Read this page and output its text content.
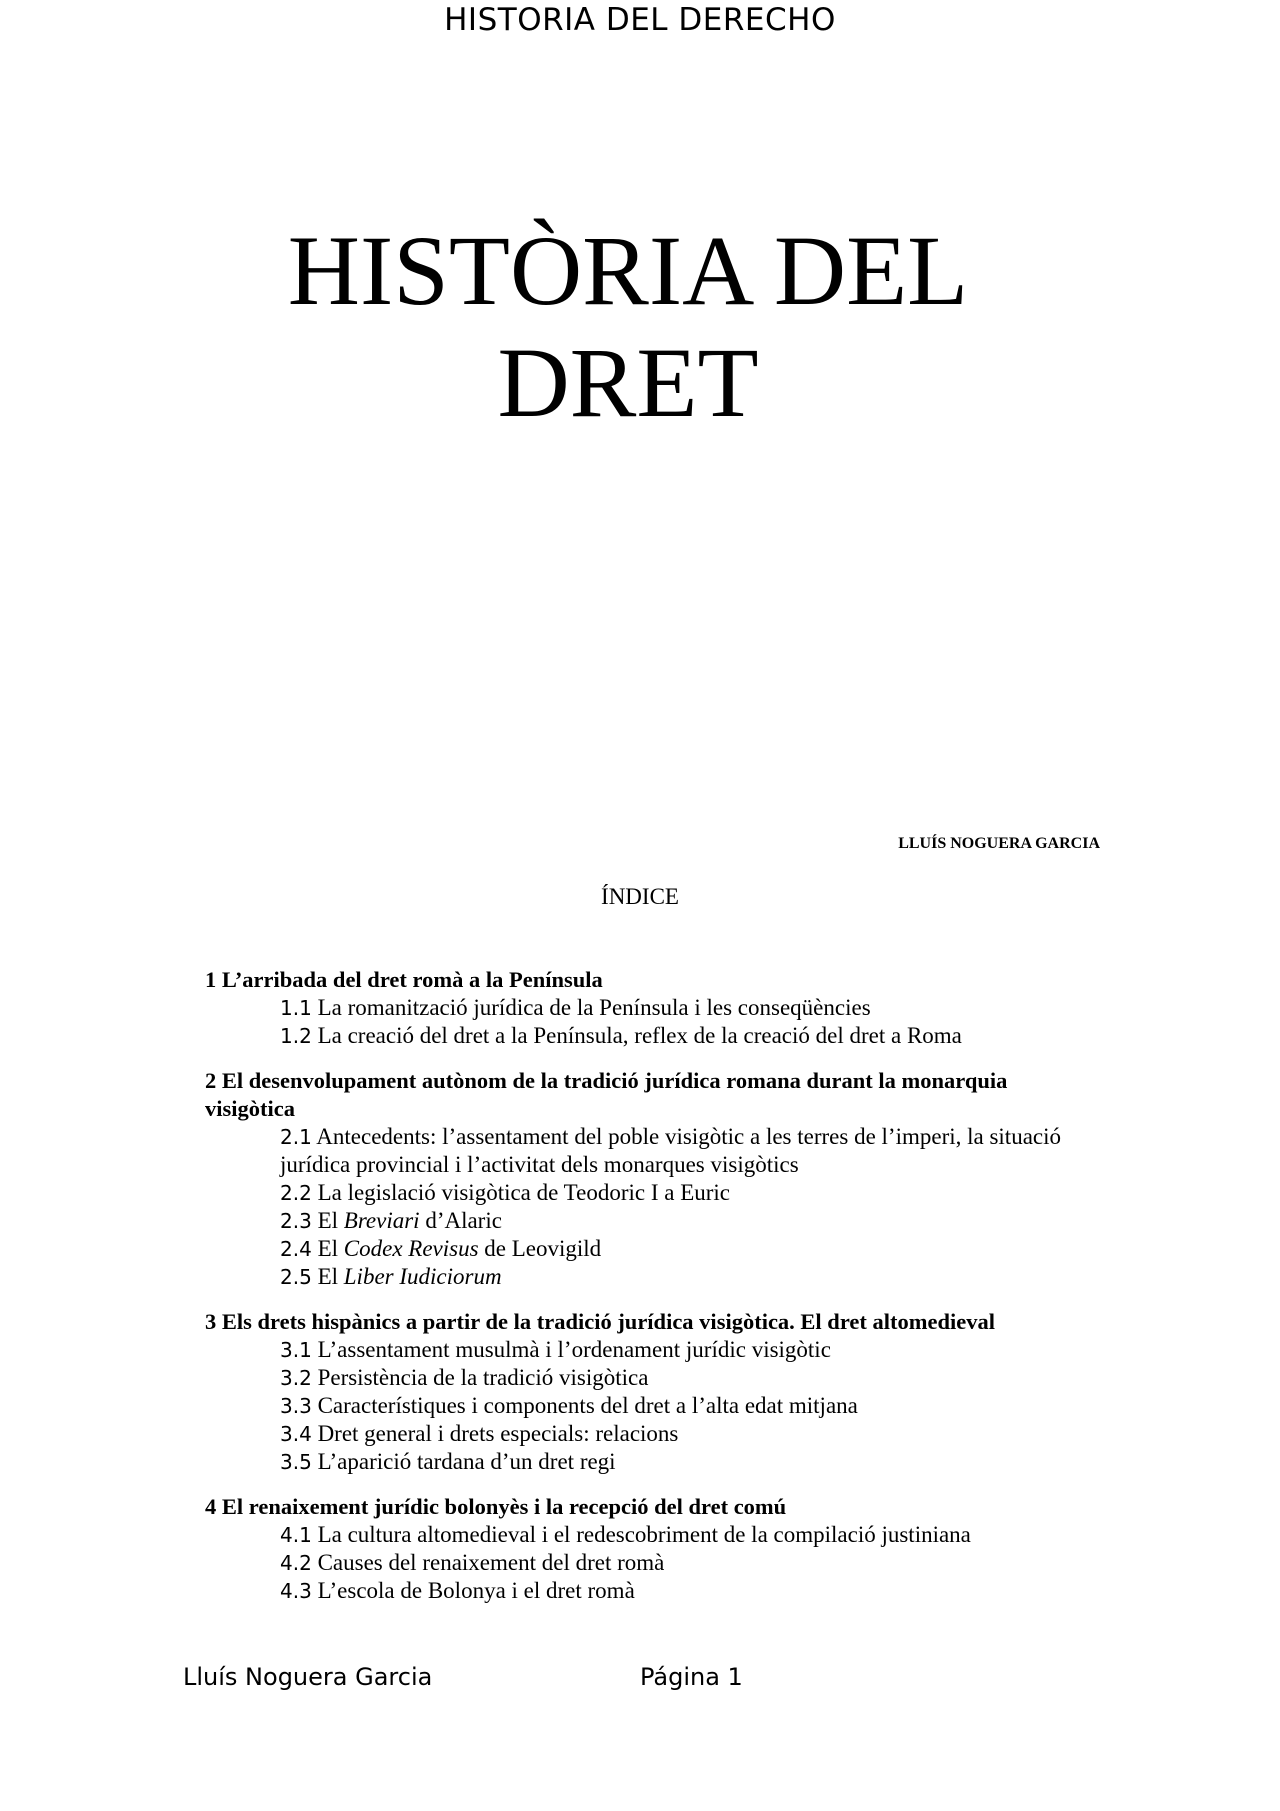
HISTORIA DEL DERECHO
HISTÒRIA DEL
DRET
LLUÍS NOGUERA GARCIA
ÍNDICE
1 L’arribada del dret romà a la Península
1.1 La romanització jurídica de la Península i les conseqüències
1.2 La creació del dret a la Península, reflex de la creació del dret a Roma
2 El desenvolupament autònom de la tradició jurídica romana durant la monarquia visigòtica
2.1 Antecedents: l’assentament del poble visigòtic a les terres de l’imperi, la situació jurídica provincial i l’activitat dels monarques visigòtics
2.2 La legislació visigòtica de Teodoric I a Euric
2.3 El Breviari d’Alaric
2.4 El Codex Revisus de Leovigild
2.5 El Liber Iudiciorum
3 Els drets hispànics a partir de la tradició jurídica visigòtica. El dret altomedieval
3.1 L’assentament musulmà i l’ordenament jurídic visigòtic
3.2 Persistència de la tradició visigòtica
3.3 Característiques i components del dret a l’alta edat mitjana
3.4 Dret general i drets especials: relacions
3.5 L’aparició tardana d’un dret regi
4 El renaixement jurídic bolonyès i la recepció del dret comú
4.1 La cultura altomedieval i el redescobriment de la compilació justiniana
4.2 Causes del renaixement del dret romà
4.3 L’escola de Bolonya i el dret romà
Lluís Noguera Garcia	Página 1
